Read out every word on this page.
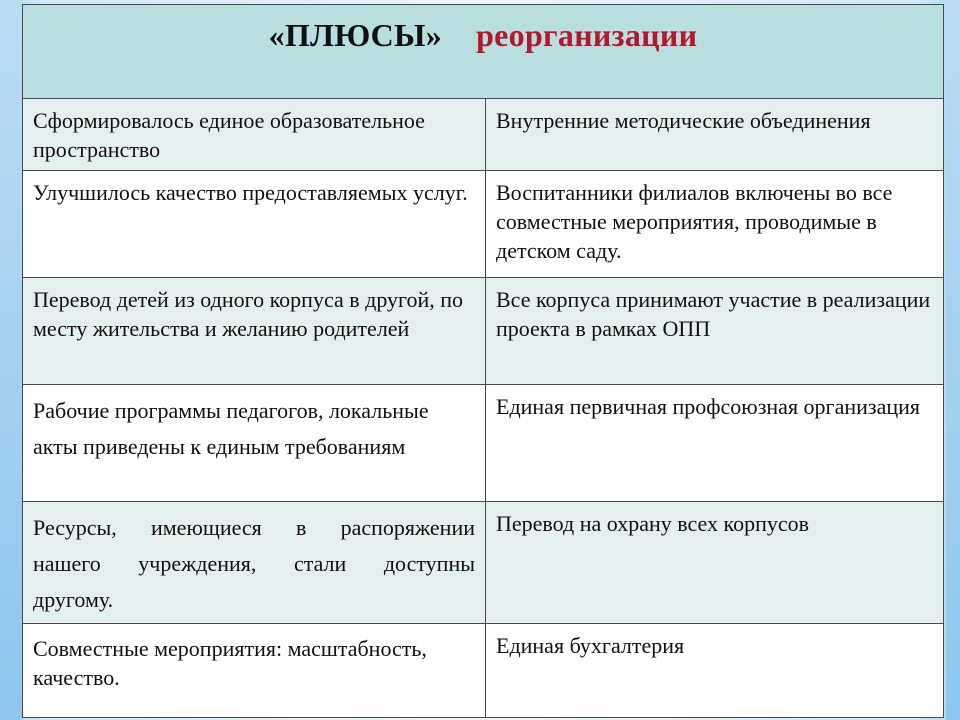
«ПЛЮСЫ» реорганизации
Сформировалось единое образовательное пространство
Внутренние методические объединения
Улучшилось качество предоставляемых услуг.	Воспитанники филиалов включены во все совместные мероприятия, проводимые в детском саду.
Перевод детей из одного корпуса в другой, по месту жительства и желанию родителей
Все корпуса принимают участие в реализации проекта в рамках ОПП
Рабочие программы педагогов, локальные акты приведены к единым требованиям
Единая первичная профсоюзная организация
Ресурсы, имеющиеся в распоряжении
нашего учреждения, стали доступны
другому.
Перевод на охрану всех корпусов
Совместные мероприятия: масштабность, качество.
Единая бухгалтерия
